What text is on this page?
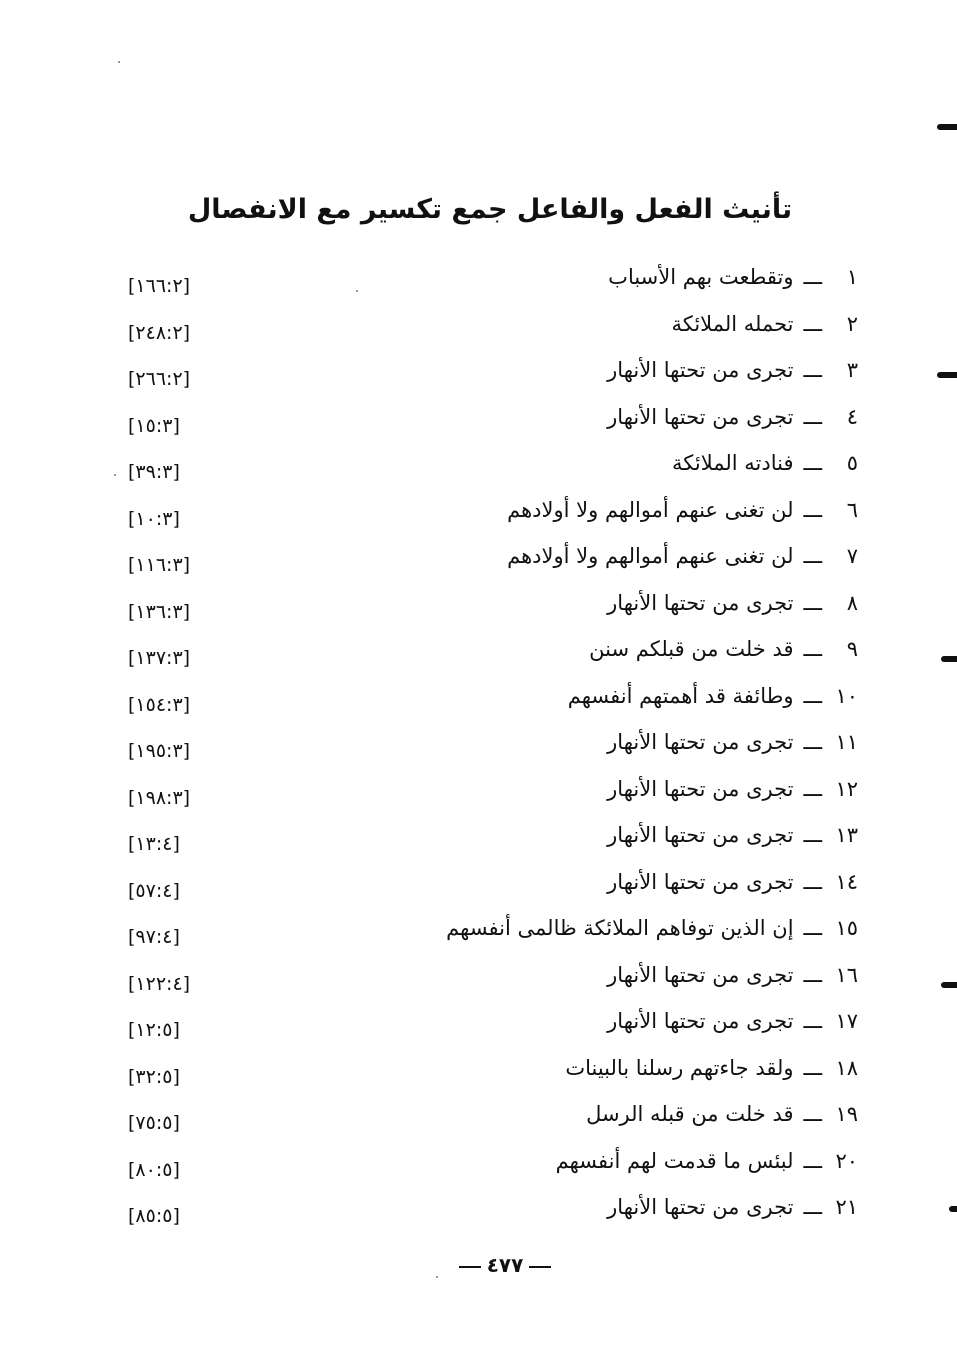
تأنيث الفعل والفاعل جمع تكسير مع الانفصال
١ـــوتقطعت بهم الأسباب
[١٦٦:٢]
٢ـــتحمله الملائكة
[٢٤٨:٢]
٣ـــتجرى من تحتها الأنهار
[٢٦٦:٢]
٤ـــتجرى من تحتها الأنهار
[١٥:٣]
٥ـــفنادته الملائكة
[٣٩:٣]
٦ـــلن تغنى عنهم أموالهم ولا أولادهم
[١٠:٣]
٧ـــلن تغنى عنهم أموالهم ولا أولادهم
[١١٦:٣]
٨ـــتجرى من تحتها الأنهار
[١٣٦:٣]
٩ـــقد خلت من قبلكم سنن
[١٣٧:٣]
١٠ـــوطائفة قد أهمتهم أنفسهم
[١٥٤:٣]
١١ـــتجرى من تحتها الأنهار
[١٩٥:٣]
١٢ـــتجرى من تحتها الأنهار
[١٩٨:٣]
١٣ـــتجرى من تحتها الأنهار
[١٣:٤]
١٤ـــتجرى من تحتها الأنهار
[٥٧:٤]
١٥ـــإن الذين توفاهم الملائكة ظالمى أنفسهم
[٩٧:٤]
١٦ـــتجرى من تحتها الأنهار
[١٢٢:٤]
١٧ـــتجرى من تحتها الأنهار
[١٢:٥]
١٨ـــولقد جاءتهم رسلنا بالبينات
[٣٢:٥]
١٩ـــقد خلت من قبله الرسل
[٧٥:٥]
٢٠ـــلبئس ما قدمت لهم أنفسهم
[٨٠:٥]
٢١ـــتجرى من تحتها الأنهار
[٨٥:٥]
٤٧٧
